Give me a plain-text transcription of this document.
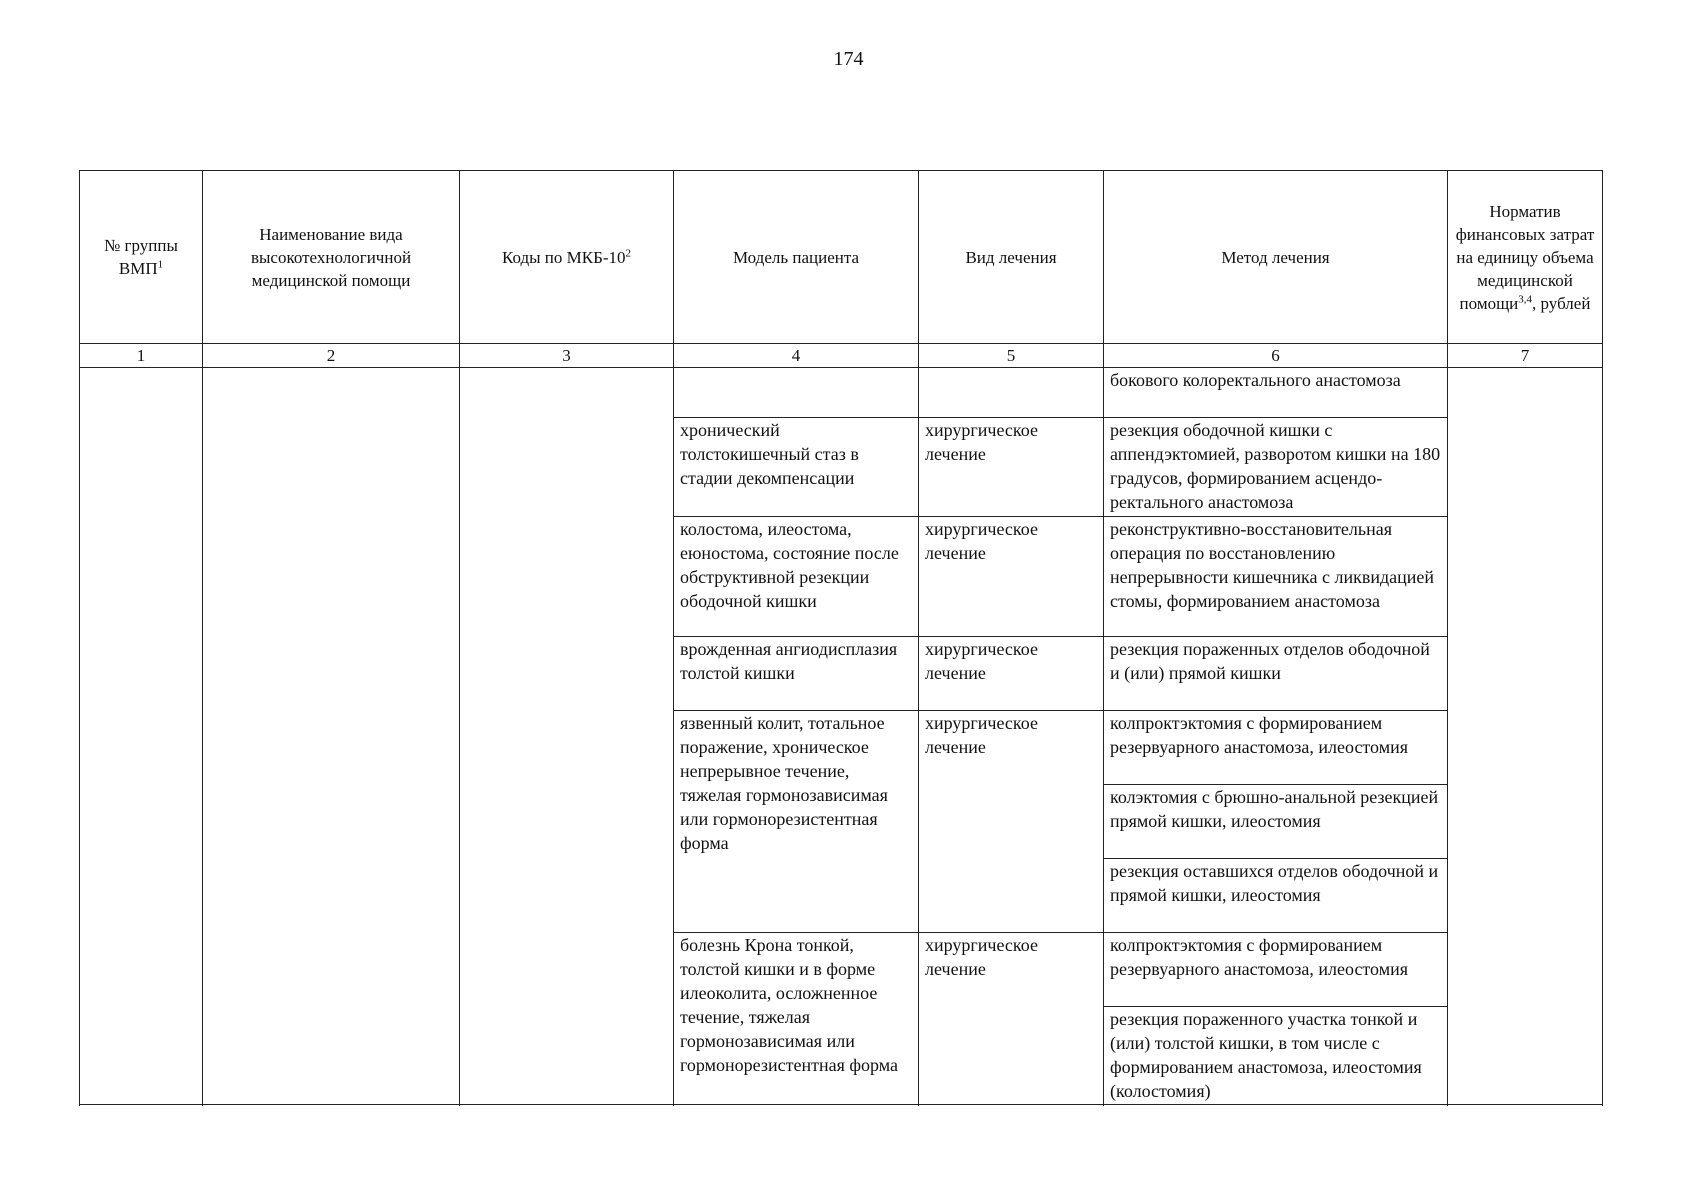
174
№ группы ВМП$^1$	Наименование вида высокотехнологичной медицинской помощи	Коды по МКБ-$10^2$	Модель пациента	Вид лечения	Метод лечения	Норматив финансовых затрат на единицу объема медицинской помощи$^{3,4}$, рублей
1	2	3	4	5	6	7
					бокового колоректального анастомоза	
			хронический толстокишечный стаз в стадии декомпенсации	хирургическое лечение	резекция ободочной кишки с аппендэктомией, разворотом кишки на 180 градусов, формированием асцендо-ректального анастомоза	
			колостома, илеостома, еюностома, состояние после обструктивной резекции ободочной кишки	хирургическое лечение	реконструктивно-восстановительная операция по восстановлению непрерывности кишечника с ликвидацией стомы, формированием анастомоза	
			врожденная ангиодисплазия толстой кишки	хирургическое лечение	резекция пораженных отделов ободочной и (или) прямой кишки	
			язвенный колит, тотальное поражение, хроническое непрерывное течение, тяжелая гормонозависимая или гормонорезистентная форма	хирургическое лечение	колпроктэктомия с формированием резервуарного анастомоза, илеостомия	
					колэктомия с брюшно-анальной резекцией прямой кишки, илеостомия	
					резекция оставшихся отделов ободочной и прямой кишки, илеостомия	
			болезнь Крона тонкой, толстой кишки и в форме илеоколита, осложненное течение, тяжелая гормонозависимая или гормонорезистентная форма	хирургическое лечение	колпроктэктомия с формированием резервуарного анастомоза, илеостомия	
					резекция пораженного участка тонкой и (или) толстой кишки, в том числе с формированием анастомоза, илеостомия (колостомия)	
